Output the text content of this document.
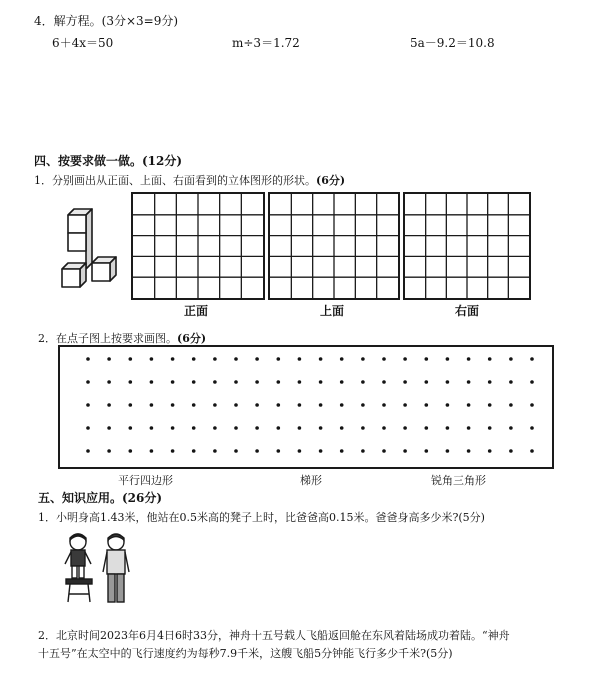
4．解方程。(3分×3=9分)
6＋4x＝50	m÷3＝1.72	5a－9.2＝10.8
四、按要求做一做。(12分)
1．分别画出从正面、上面、右面看到的立体图形的形状。(6分)
正面	上面	右面
2．在点子图上按要求画图。(6分)
平行四边形	梯形	锐角三角形
五、知识应用。(26分)
1．小明身高1.43米，他站在0.5米高的凳子上时，比爸爸高0.15米。爸爸身高多少米?(5分)
2．北京时间2023年6月4日6时33分，神舟十五号载人飞船返回舱在东风着陆场成功着陆。“神舟
十五号”在太空中的飞行速度约为每秒7.9千米，这艘飞船5分钟能飞行多少千米?(5分)
